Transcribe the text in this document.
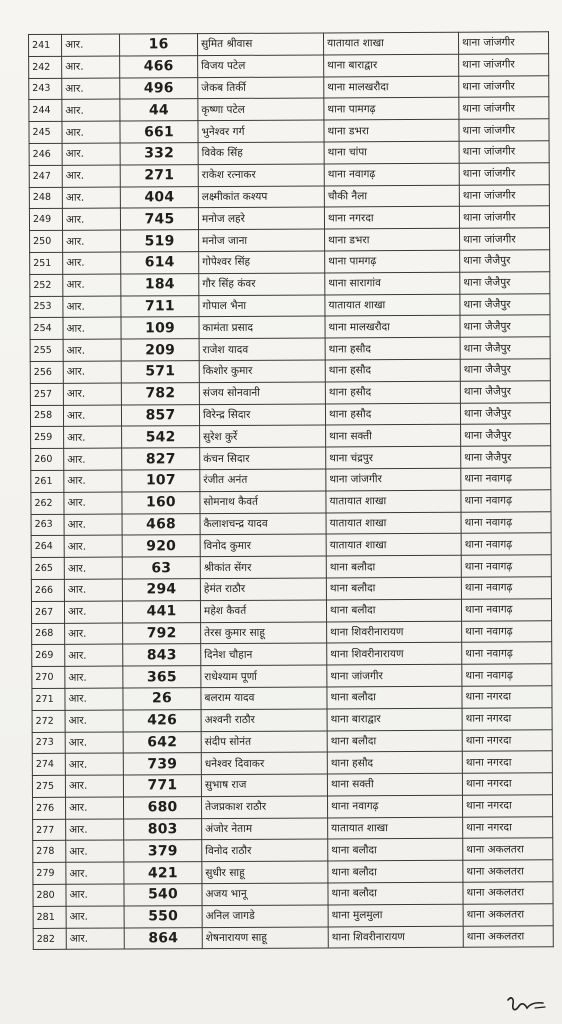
241	आर.	16	सुमित श्रीवास	यातायात शाखा	थाना जांजगीर
242	आर.	466	विजय पटेल	थाना बाराद्वार	थाना जांजगीर
243	आर.	496	जेकब तिर्की	थाना मालखरौदा	थाना जांजगीर
244	आर.	44	कृष्णा पटेल	थाना पामगढ़	थाना जांजगीर
245	आर.	661	भुनेश्वर गर्ग	थाना डभरा	थाना जांजगीर
246	आर.	332	विवेक सिंह	थाना चांपा	थाना जांजगीर
247	आर.	271	राकेश रत्नाकर	थाना नवागढ़	थाना जांजगीर
248	आर.	404	लक्ष्मीकांत कश्यप	चौकी नैला	थाना जांजगीर
249	आर.	745	मनोज लहरे	थाना नगरदा	थाना जांजगीर
250	आर.	519	मनोज जाना	थाना डभरा	थाना जांजगीर
251	आर.	614	गोपेश्वर सिंह	थाना पामगढ़	थाना जैजैपुर
252	आर.	184	गौर सिंह कंवर	थाना सारागांव	थाना जैजैपुर
253	आर.	711	गोपाल भैना	यातायात शाखा	थाना जैजैपुर
254	आर.	109	कामंता प्रसाद	थाना मालखरौदा	थाना जैजैपुर
255	आर.	209	राजेश यादव	थाना हसौद	थाना जैजैपुर
256	आर.	571	किशोर कुमार	थाना हसौद	थाना जैजैपुर
257	आर.	782	संजय सोनवानी	थाना हसौद	थाना जैजैपुर
258	आर.	857	विरेन्द्र सिदार	थाना हसौद	थाना जैजैपुर
259	आर.	542	सुरेश कुर्रे	थाना सक्ती	थाना जैजैपुर
260	आर.	827	कंचन सिदार	थाना चंद्रपुर	थाना जैजैपुर
261	आर.	107	रंजीत अनंत	थाना जांजगीर	थाना नवागढ़
262	आर.	160	सोमनाथ कैवर्त	यातायात शाखा	थाना नवागढ़
263	आर.	468	कैलाशचन्द्र यादव	यातायात शाखा	थाना नवागढ़
264	आर.	920	विनोद कुमार	यातायात शाखा	थाना नवागढ़
265	आर.	63	श्रीकांत सेंगर	थाना बलौदा	थाना नवागढ़
266	आर.	294	हेमंत राठौर	थाना बलौदा	थाना नवागढ़
267	आर.	441	महेश कैवर्त	थाना बलौदा	थाना नवागढ़
268	आर.	792	तेरस कुमार साहू	थाना शिवरीनारायण	थाना नवागढ़
269	आर.	843	दिनेश चौहान	थाना शिवरीनारायण	थाना नवागढ़
270	आर.	365	राधेश्याम पूर्णा	थाना जांजगीर	थाना नवागढ़
271	आर.	26	बलराम यादव	थाना बलौदा	थाना नगरदा
272	आर.	426	अश्वनी राठौर	थाना बाराद्वार	थाना नगरदा
273	आर.	642	संदीप सोनंत	थाना बलौदा	थाना नगरदा
274	आर.	739	धनेश्वर दिवाकर	थाना हसौद	थाना नगरदा
275	आर.	771	सुभाष राज	थाना सक्ती	थाना नगरदा
276	आर.	680	तेजप्रकाश राठौर	थाना नवागढ़	थाना नगरदा
277	आर.	803	अंजोर नेताम	यातायात शाखा	थाना नगरदा
278	आर.	379	विनोद राठौर	थाना बलौदा	थाना अकलतरा
279	आर.	421	सुधीर साहू	थाना बलौदा	थाना अकलतरा
280	आर.	540	अजय भानू	थाना बलौदा	थाना अकलतरा
281	आर.	550	अनिल जागडे	थाना मुलमुला	थाना अकलतरा
282	आर.	864	शेषनारायण साहू	थाना शिवरीनारायण	थाना अकलतरा
